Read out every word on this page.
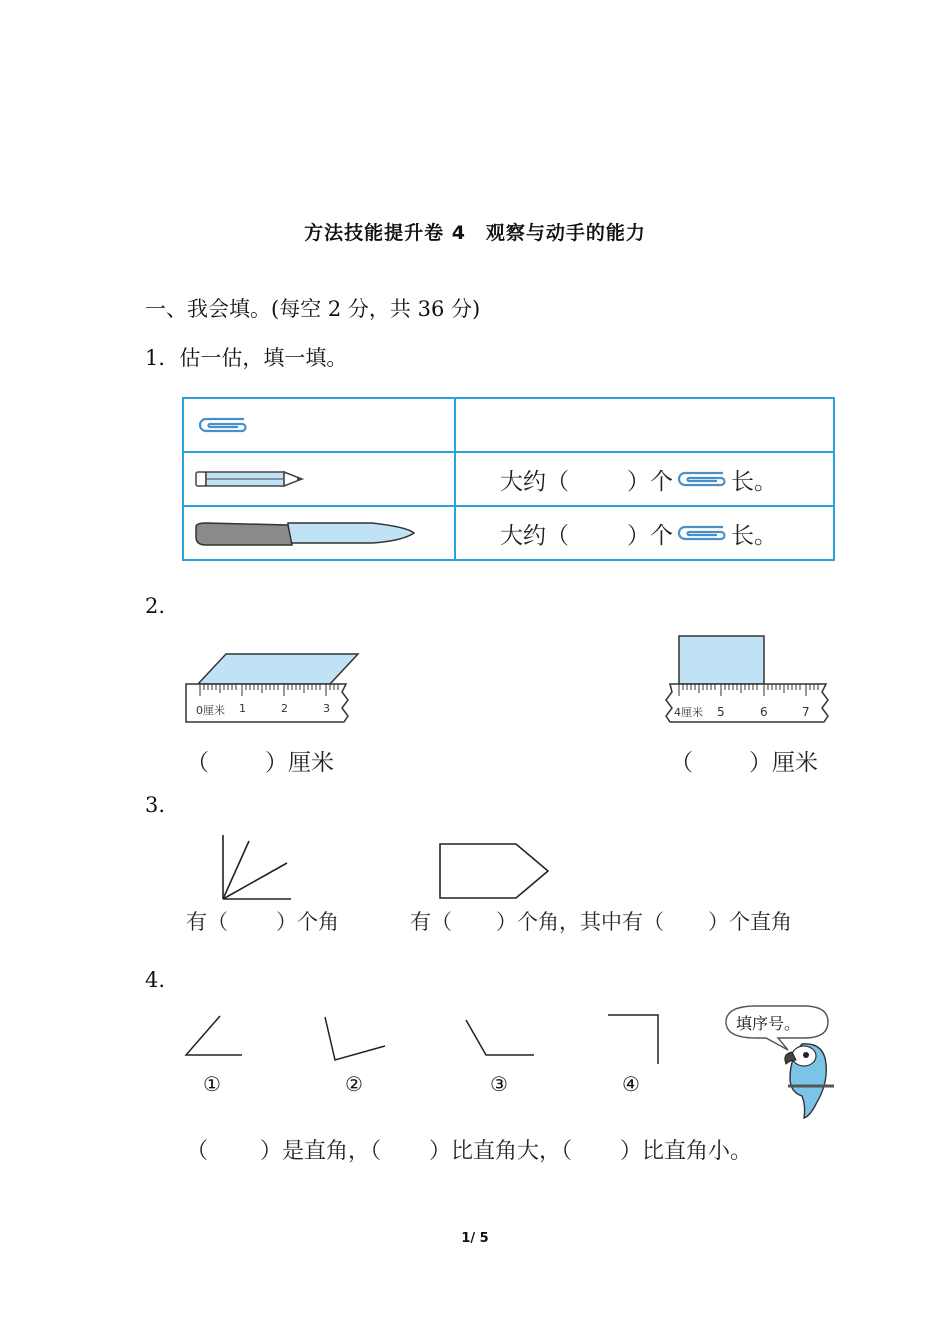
方法技能提升卷 4　观察与动手的能力
一、我会填。(每空 2 分，共 36 分)
1．估一估，填一填。

大约（ ）个 长。

大约（ ）个 长。
2.
0厘米 1	2	3	4厘米 5	6	7
（ ）厘米	（ ）厘米
3.
有（ ）个角	有（ ）个角，其中有（ ）个直角
4.
①	②	③	④
填序号。
（ ）是直角，（ ）比直角大，（ ）比直角小。
1/ 5
